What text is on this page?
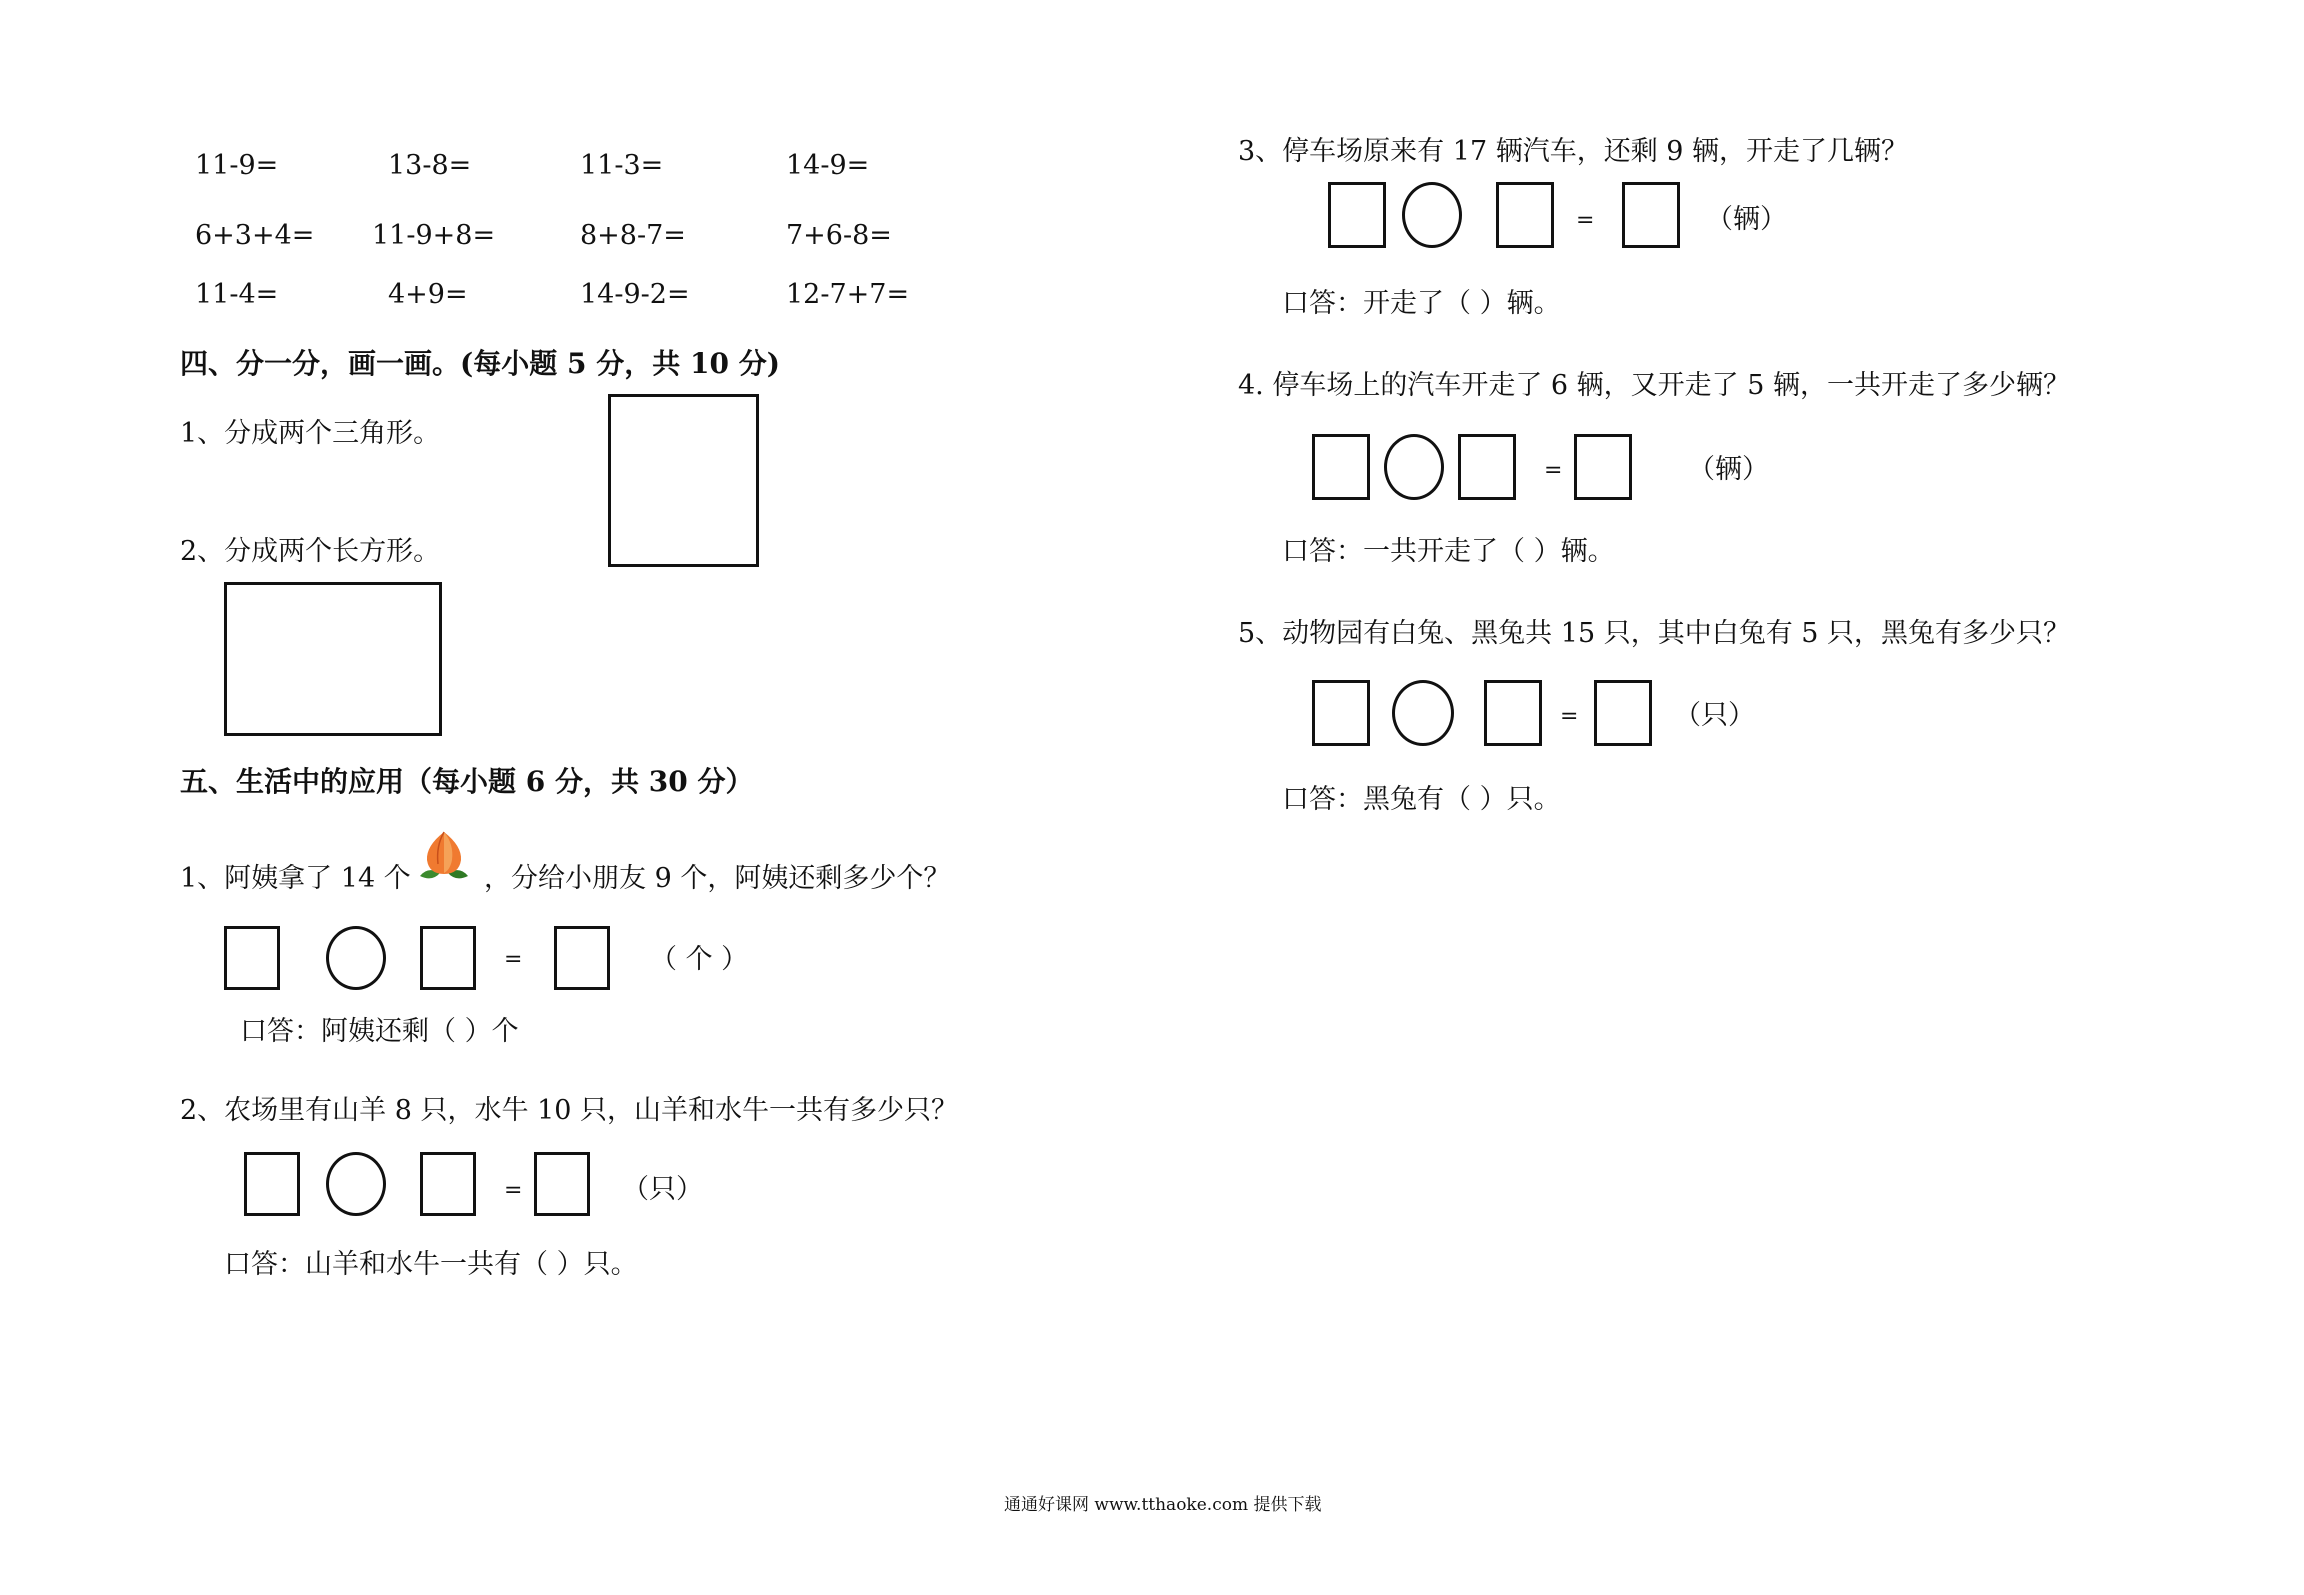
11-9=	13-8=	11-3=	14-9=
6+3+4= 11-9+8=	8+8-7=	7+6-8=
11-4=	4+9=	14-9-2=	12-7+7=
四、分一分，画一画。(每小题 5 分，共 10 分)
1、分成两个三角形。
2、分成两个长方形。
五、生活中的应用（每小题 6 分，共 30 分）
1、阿姨拿了 14 个	，分给小朋友 9 个，阿姨还剩多少个？
=	（ 个 ）
口答：阿姨还剩（ ）个
2、农场里有山羊 8 只，水牛 10 只，山羊和水牛一共有多少只？
=	（只）
口答：山羊和水牛一共有（ ）只。
3、停车场原来有 17 辆汽车，还剩 9 辆，开走了几辆？
=	（辆）
口答：开走了（ ）辆。
4. 停车场上的汽车开走了 6 辆，又开走了 5 辆，一共开走了多少辆？
=	（辆）
口答：一共开走了（ ）辆。
5、动物园有白兔、黑兔共 15 只，其中白兔有 5 只，黑兔有多少只？
=	（只）
口答：黑兔有（ ）只。
通通好课网 www.tthaoke.com 提供下载
